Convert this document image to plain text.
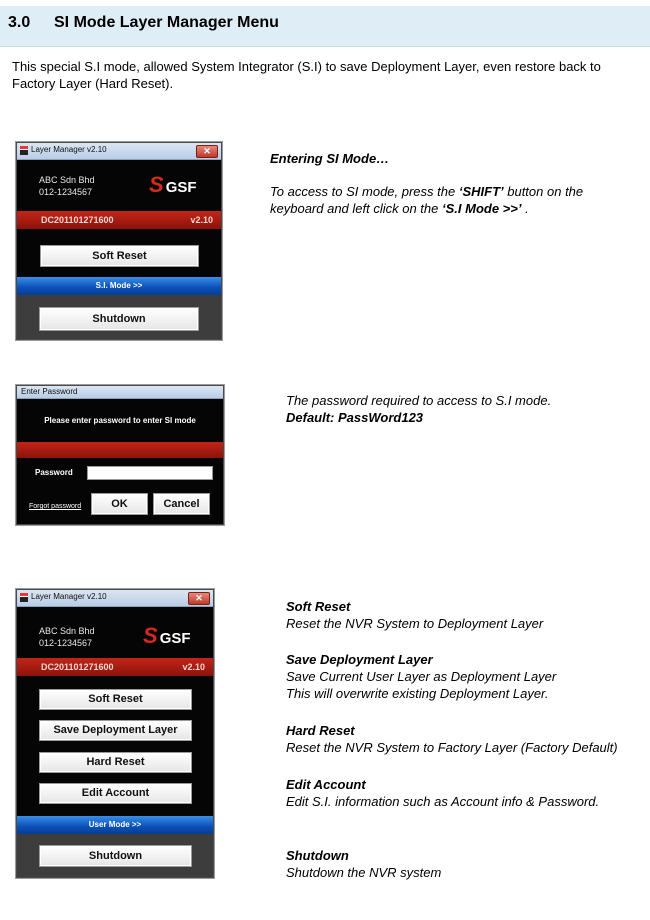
3.0 SI Mode Layer Manager Menu
This special S.I mode, allowed System Integrator (S.I) to save Deployment Layer, even restore back to Factory Layer (Hard Reset).
Layer Manager v2.10	✕
ABC Sdn Bhd
012-1234567	S GSF
DC201101271600	v2.10
Soft Reset
S.I. Mode >>
Shutdown
Entering SI Mode…
To access to SI mode, press the ‘SHIFT’ button on the
keyboard and left click on the ‘S.I Mode >>’ .
Enter Password
Please enter password to enter SI mode
Password
Forgot password	OK	Cancel
The password required to access to S.I mode.
Default: PassWord123
Layer Manager v2.10	✕
ABC Sdn Bhd
012-1234567 S GSF
DC201101271600	v2.10
Soft Reset
Save Deployment Layer
Hard Reset
Edit Account
User Mode >>
Shutdown
Soft Reset
Reset the NVR System to Deployment Layer
Save Deployment Layer
Save Current User Layer as Deployment Layer
This will overwrite existing Deployment Layer.
Hard Reset
Reset the NVR System to Factory Layer (Factory Default)
Edit Account
Edit S.I. information such as Account info & Password.
Shutdown
Shutdown the NVR system
